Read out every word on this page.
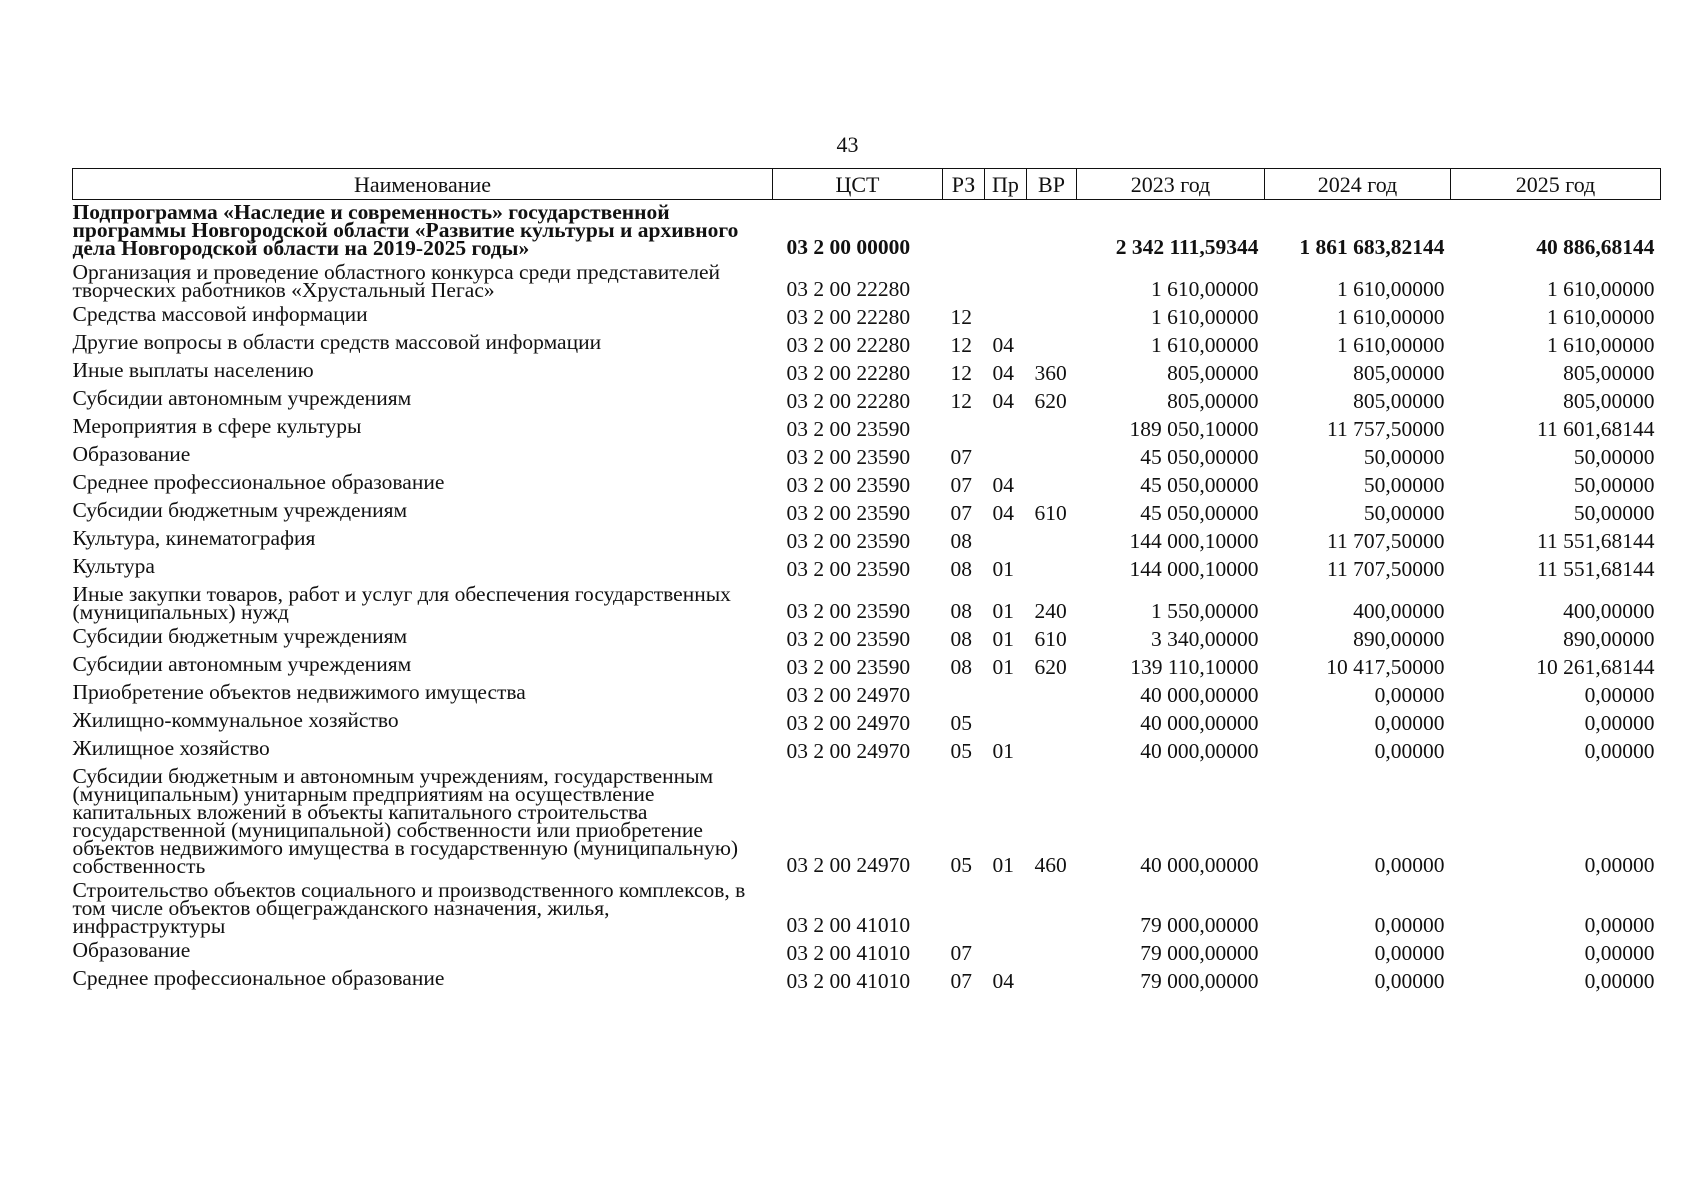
43
Наименование	ЦСТ	РЗ	Пр	ВР	2023 год	2024 год	2025 год
Подпрограмма «Наследие и современность» государственной программы Новгородской области «Развитие культуры и архивного дела Новгородской области на 2019-2025 годы»	03 2 00 00000				2 342 111,59344	1 861 683,82144	40 886,68144
Организация и проведение областного конкурса среди представителей творческих работников «Хрустальный Пегас»	03 2 00 22280				1 610,00000	1 610,00000	1 610,00000
Средства массовой информации	03 2 00 22280	12			1 610,00000	1 610,00000	1 610,00000
Другие вопросы в области средств массовой информации	03 2 00 22280	12	04		1 610,00000	1 610,00000	1 610,00000
Иные выплаты населению	03 2 00 22280	12	04	360	805,00000	805,00000	805,00000
Субсидии автономным учреждениям	03 2 00 22280	12	04	620	805,00000	805,00000	805,00000
Мероприятия в сфере культуры	03 2 00 23590				189 050,10000	11 757,50000	11 601,68144
Образование	03 2 00 23590	07			45 050,00000	50,00000	50,00000
Среднее профессиональное образование	03 2 00 23590	07	04		45 050,00000	50,00000	50,00000
Субсидии бюджетным учреждениям	03 2 00 23590	07	04	610	45 050,00000	50,00000	50,00000
Культура, кинематография	03 2 00 23590	08			144 000,10000	11 707,50000	11 551,68144
Культура	03 2 00 23590	08	01		144 000,10000	11 707,50000	11 551,68144
Иные закупки товаров, работ и услуг для обеспечения государственных (муниципальных) нужд	03 2 00 23590	08	01	240	1 550,00000	400,00000	400,00000
Субсидии бюджетным учреждениям	03 2 00 23590	08	01	610	3 340,00000	890,00000	890,00000
Субсидии автономным учреждениям	03 2 00 23590	08	01	620	139 110,10000	10 417,50000	10 261,68144
Приобретение объектов недвижимого имущества	03 2 00 24970				40 000,00000	0,00000	0,00000
Жилищно-коммунальное хозяйство	03 2 00 24970	05			40 000,00000	0,00000	0,00000
Жилищное хозяйство	03 2 00 24970	05	01		40 000,00000	0,00000	0,00000
Субсидии бюджетным и автономным учреждениям, государственным (муниципальным) унитарным предприятиям на осуществление капитальных вложений в объекты капитального строительства государственной (муниципальной) собственности или приобретение объектов недвижимого имущества в государственную (муниципальную) собственность	03 2 00 24970	05	01	460	40 000,00000	0,00000	0,00000
Строительство объектов социального и производственного комплексов, в том числе объектов общегражданского назначения, жилья, инфраструктуры	03 2 00 41010				79 000,00000	0,00000	0,00000
Образование	03 2 00 41010	07			79 000,00000	0,00000	0,00000
Среднее профессиональное образование	03 2 00 41010	07	04		79 000,00000	0,00000	0,00000
